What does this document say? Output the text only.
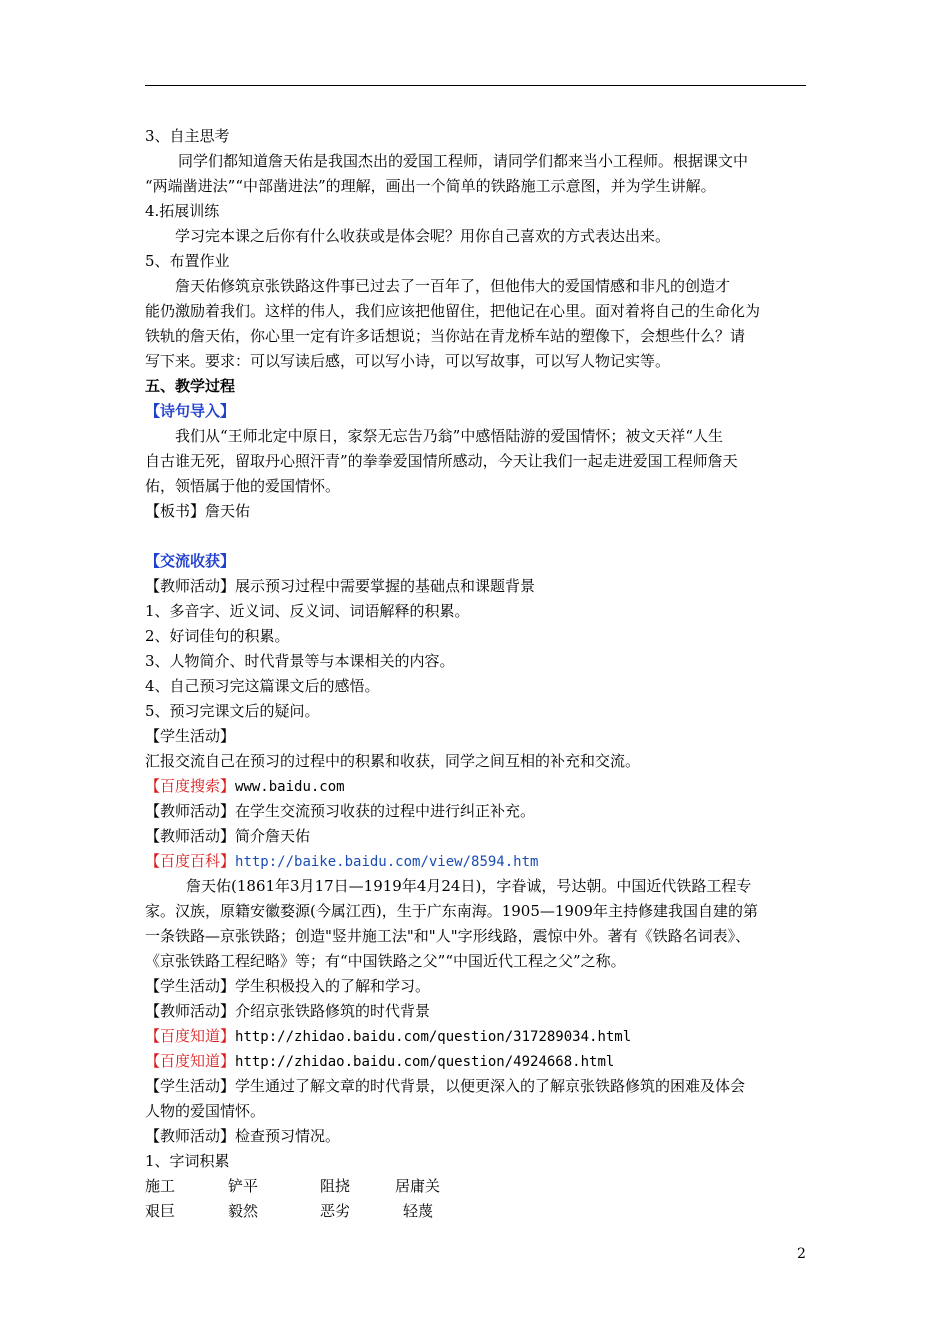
3、自主思考
同学们都知道詹天佑是我国杰出的爱国工程师，请同学们都来当小工程师。根据课文中
“两端凿进法”“中部凿进法”的理解，画出一个简单的铁路施工示意图，并为学生讲解。
4.拓展训练
学习完本课之后你有什么收获或是体会呢？用你自己喜欢的方式表达出来。
5、布置作业
詹天佑修筑京张铁路这件事已过去了一百年了，但他伟大的爱国情感和非凡的创造才
能仍激励着我们。这样的伟人，我们应该把他留住，把他记在心里。面对着将自己的生命化为
铁轨的詹天佑，你心里一定有许多话想说；当你站在青龙桥车站的塑像下，会想些什么？请
写下来。要求：可以写读后感，可以写小诗，可以写故事，可以写人物记实等。
五、教学过程
【诗句导入】
我们从“王师北定中原日，家祭无忘告乃翁”中感悟陆游的爱国情怀；被文天祥“人生
自古谁无死，留取丹心照汗青”的拳拳爱国情所感动，今天让我们一起走进爱国工程师詹天
佑，领悟属于他的爱国情怀。
【板书】詹天佑
【交流收获】
【教师活动】展示预习过程中需要掌握的基础点和课题背景
1、多音字、近义词、反义词、词语解释的积累。
2、好词佳句的积累。
3、人物简介、时代背景等与本课相关的内容。
4、自己预习完这篇课文后的感悟。
5、预习完课文后的疑问。
【学生活动】
汇报交流自己在预习的过程中的积累和收获，同学之间互相的补充和交流。
【百度搜索】www.baidu.com
【教师活动】在学生交流预习收获的过程中进行纠正补充。
【教师活动】简介詹天佑
【百度百科】http://baike.baidu.com/view/8594.htm
詹天佑(1861年3月17日—1919年4月24日)，字眷诚，号达朝。中国近代铁路工程专
家。汉族，原籍安徽婺源(今属江西)，生于广东南海。1905—1909年主持修建我国自建的第
一条铁路—京张铁路；创造"竖井施工法"和"人"字形线路，震惊中外。著有《铁路名词表》、
《京张铁路工程纪略》等；有“中国铁路之父”“中国近代工程之父”之称。
【学生活动】学生积极投入的了解和学习。
【教师活动】介绍京张铁路修筑的时代背景
【百度知道】http://zhidao.baidu.com/question/317289034.html
【百度知道】http://zhidao.baidu.com/question/4924668.html
【学生活动】学生通过了解文章的时代背景，以便更深入的了解京张铁路修筑的困难及体会
人物的爱国情怀。
【教师活动】检查预习情况。
1、字词积累
施工	铲平	阻挠	居庸关
艰巨	毅然	恶劣	轻蔑
2
